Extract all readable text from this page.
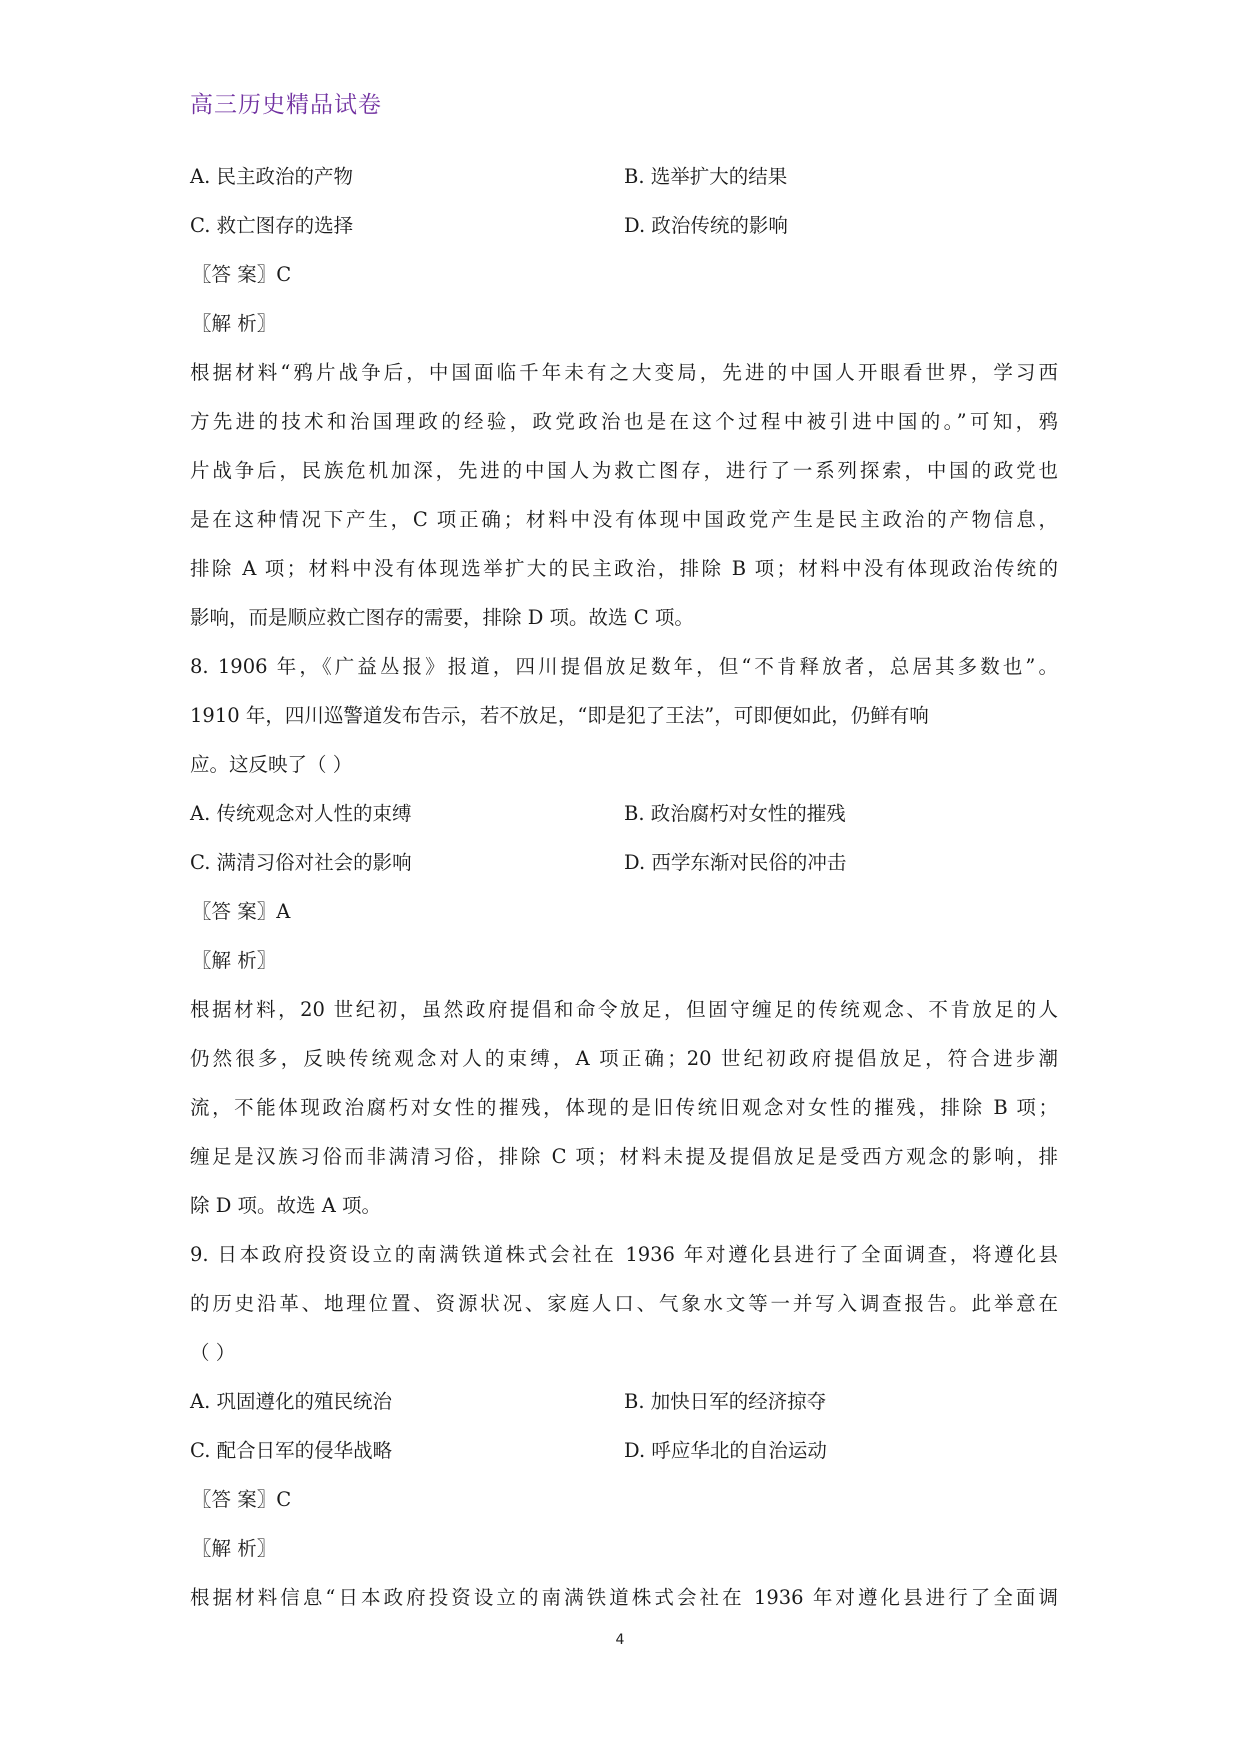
高三历史精品试卷
A. 民主政治的产物	B. 选举扩大的结果
C. 救亡图存的选择	D. 政治传统的影响
〖答 案〗C
〖解 析〗
根据材料“鸦片战争后，中国面临千年未有之大变局，先进的中国人开眼看世界，学习西
方先进的技术和治国理政的经验，政党政治也是在这个过程中被引进中国的。”可知，鸦
片战争后，民族危机加深，先进的中国人为救亡图存，进行了一系列探索，中国的政党也
是在这种情况下产生，C 项正确；材料中没有体现中国政党产生是民主政治的产物信息，
排除 A 项；材料中没有体现选举扩大的民主政治，排除 B 项；材料中没有体现政治传统的
影响，而是顺应救亡图存的需要，排除 D 项。故选 C 项。
8. 1906 年，《广益丛报》报道，四川提倡放足数年，但“不肯释放者，总居其多数也”。
1910 年，四川巡警道发布告示，若不放足，“即是犯了王法”，可即便如此，仍鲜有响
应。这反映了（ ）
A. 传统观念对人性的束缚	B. 政治腐朽对女性的摧残
C. 满清习俗对社会的影响	D. 西学东渐对民俗的冲击
〖答 案〗A
〖解 析〗
根据材料，20 世纪初，虽然政府提倡和命令放足，但固守缠足的传统观念、不肯放足的人
仍然很多，反映传统观念对人的束缚，A 项正确；20 世纪初政府提倡放足，符合进步潮
流，不能体现政治腐朽对女性的摧残，体现的是旧传统旧观念对女性的摧残，排除 B 项；
缠足是汉族习俗而非满清习俗，排除 C 项；材料未提及提倡放足是受西方观念的影响，排
除 D 项。故选 A 项。
9. 日本政府投资设立的南满铁道株式会社在 1936 年对遵化县进行了全面调查，将遵化县
的历史沿革、地理位置、资源状况、家庭人口、气象水文等一并写入调查报告。此举意在
（ ）
A. 巩固遵化的殖民统治	B. 加快日军的经济掠夺
C. 配合日军的侵华战略	D. 呼应华北的自治运动
〖答 案〗C
〖解 析〗
根据材料信息“日本政府投资设立的南满铁道株式会社在 1936 年对遵化县进行了全面调
4
